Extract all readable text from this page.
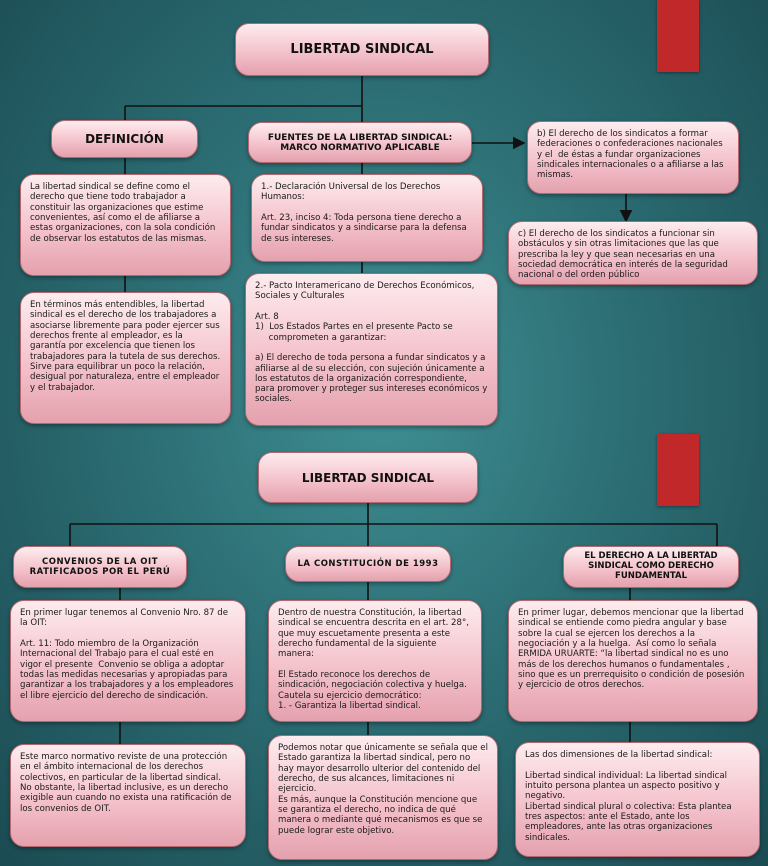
LIBERTAD SINDICAL
DEFINICIÓN	FUENTES DE LA LIBERTAD SINDICAL:
MARCO NORMATIVO APLICABLE
La libertad sindical se define como el derecho que tiene todo trabajador a constituir las organizaciones que estime convenientes, así como el de afiliarse a estas organizaciones, con la sola condición de observar los estatutos de las mismas.
En términos más entendibles, la libertad sindical es el derecho de los trabajadores a asociarse libremente para poder ejercer sus derechos frente al empleador, es la garantía por excelencia que tienen los trabajadores para la tutela de sus derechos. Sirve para equilibrar un poco la relación, desigual por naturaleza, entre el empleador y el trabajador.
1.- Declaración Universal de los Derechos Humanos:

Art. 23, inciso 4: Toda persona tiene derecho a fundar sindicatos y a sindicarse para la defensa de sus intereses.
2.- Pacto Interamericano de Derechos Económicos, Sociales y Culturales

Art. 8
1)  Los Estados Partes en el presente Pacto se
comprometen a garantizar:

a) El derecho de toda persona a fundar sindicatos y a afiliarse al de su elección, con sujeción únicamente a los estatutos de la organización correspondiente, para promover y proteger sus intereses económicos y sociales.
b) El derecho de los sindicatos a formar federaciones o confederaciones nacionales y el  de éstas a fundar organizaciones sindicales internacionales o a afiliarse a las mismas.
c) El derecho de los sindicatos a funcionar sin obstáculos y sin otras limitaciones que las que prescriba la ley y que sean necesarias en una sociedad democrática en interés de la seguridad nacional o del orden público
LIBERTAD SINDICAL
CONVENIOS DE LA OIT
RATIFICADOS POR EL PERÚ
LA CONSTITUCIÓN DE 1993
EL DERECHO A LA LIBERTAD
SINDICAL COMO DERECHO
FUNDAMENTAL
En primer lugar tenemos al Convenio Nro. 87 de la OIT:

Art. 11: Todo miembro de la Organización Internacional del Trabajo para el cual esté en vigor el presente  Convenio se obliga a adoptar todas las medidas necesarias y apropiadas para garantizar a los trabajadores y a los empleadores el libre ejercicio del derecho de sindicación.
Este marco normativo reviste de una protección en el ámbito internacional de los derechos colectivos, en particular de la libertad sindical.  No obstante, la libertad inclusive, es un derecho exigible aun cuando no exista una ratificación de los convenios de OIT.
Dentro de nuestra Constitución, la libertad sindical se encuentra descrita en el art. 28°, que muy escuetamente presenta a este derecho fundamental de la siguiente manera:

El Estado reconoce los derechos de sindicación, negociación colectiva y huelga. Cautela su ejercicio democrático:
1. - Garantiza la libertad sindical.
Podemos notar que únicamente se señala que el Estado garantiza la libertad sindical, pero no hay mayor desarrollo ulterior del contenido del derecho, de sus alcances, limitaciones ni ejercicio.
Es más, aunque la Constitución mencione que se garantiza el derecho, no indica de qué manera o mediante qué mecanismos es que se puede lograr este objetivo.
En primer lugar, debemos mencionar que la libertad sindical se entiende como piedra angular y base sobre la cual se ejercen los derechos a la negociación y a la huelga.  Así como lo señala  ERMIDA URUARTE: “la libertad sindical no es uno más de los derechos humanos o fundamentales , sino que es un prerrequisito o condición de posesión y ejercicio de otros derechos.
Las dos dimensiones de la libertad sindical:

Libertad sindical individual: La libertad sindical intuito persona plantea un aspecto positivo y negativo.
Libertad sindical plural o colectiva: Esta plantea tres aspectos: ante el Estado, ante los empleadores, ante las otras organizaciones sindicales.
